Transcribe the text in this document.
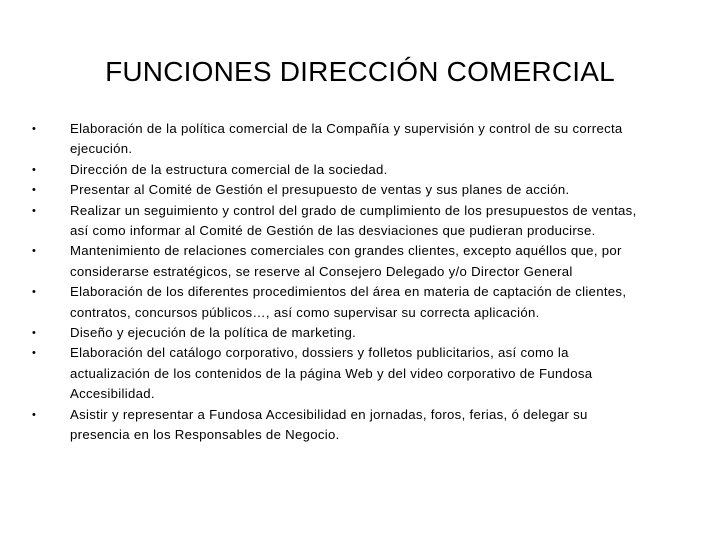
FUNCIONES DIRECCIÓN COMERCIAL
•	Elaboración de la política comercial de la Compañía y supervisión y control de su correcta ejecución.
•	Dirección de la estructura comercial de la sociedad.
•	Presentar al Comité de Gestión el presupuesto de ventas y sus planes de acción.
•	Realizar un seguimiento y control del grado de cumplimiento de los presupuestos de ventas, así como informar al Comité de Gestión de las desviaciones que pudieran producirse.
•	Mantenimiento de relaciones comerciales con grandes clientes, excepto aquéllos que, por considerarse estratégicos, se reserve al Consejero Delegado y/o Director General
•	Elaboración de los diferentes procedimientos del área en materia de captación de clientes, contratos, concursos públicos…, así como supervisar su correcta aplicación.
•	Diseño y ejecución de la política de marketing.
•	Elaboración del catálogo corporativo, dossiers y folletos publicitarios, así como la actualización de los contenidos de la página Web y del video corporativo de Fundosa Accesibilidad.
•	Asistir y representar a Fundosa Accesibilidad en jornadas, foros, ferias, ó delegar su presencia en los Responsables de Negocio.
